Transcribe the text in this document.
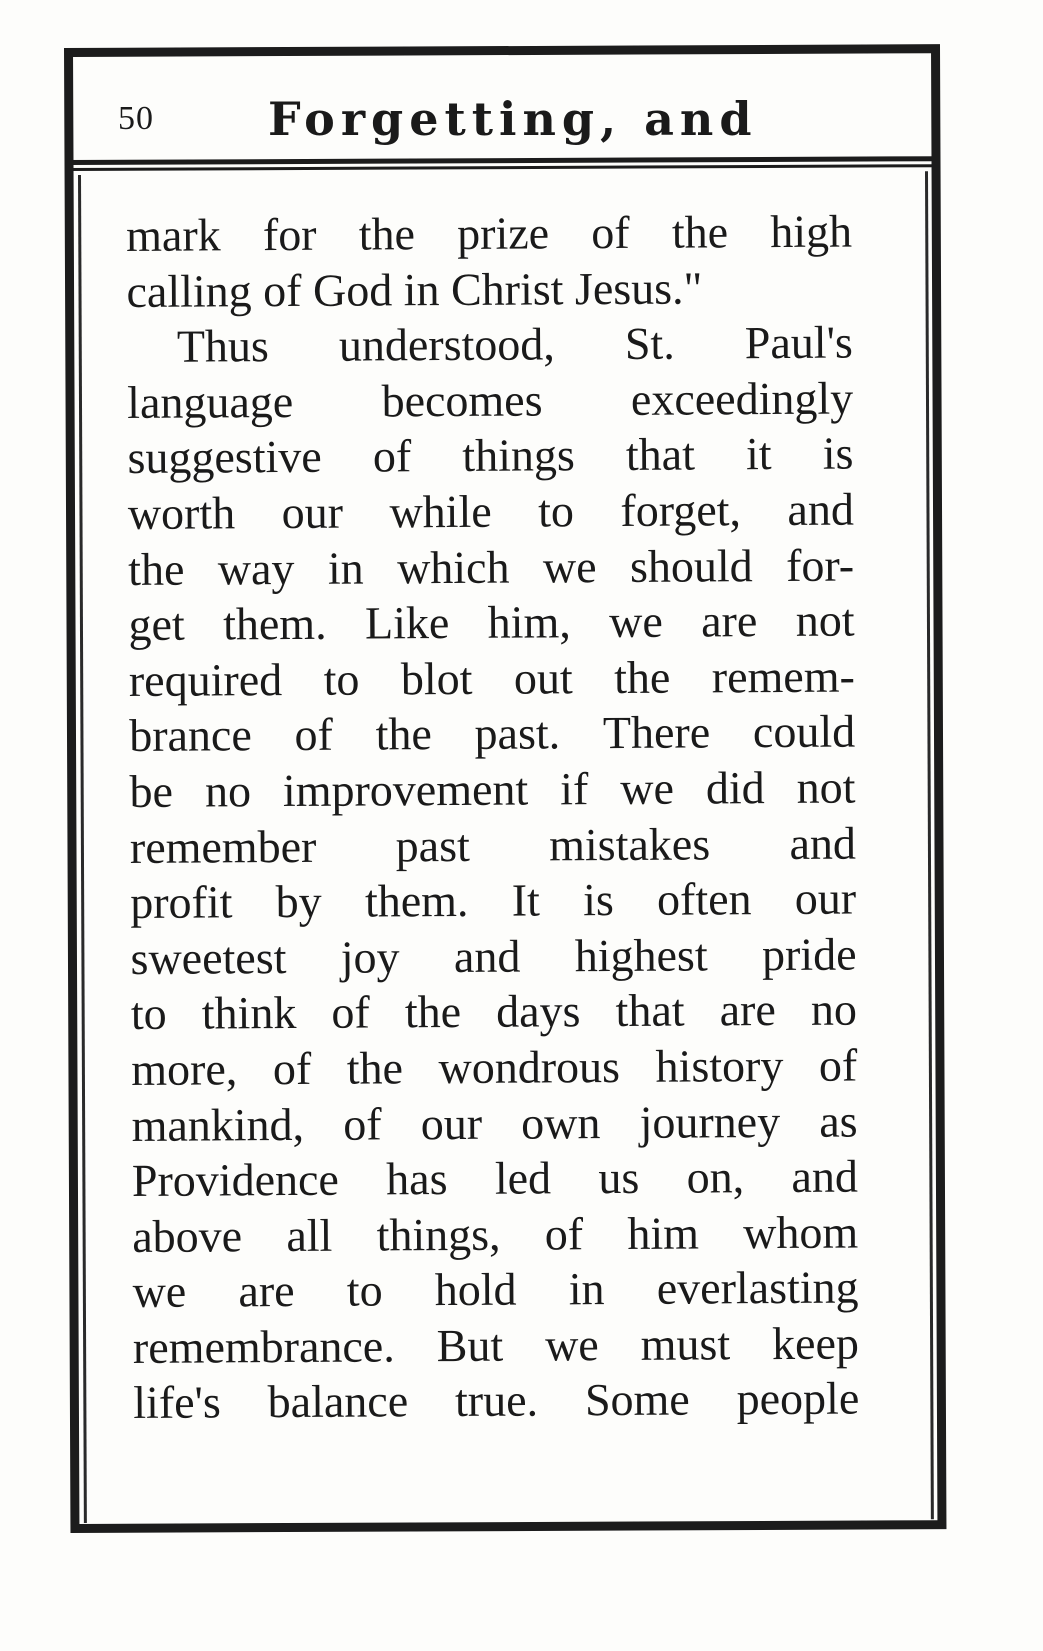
50 Forgetting, and
mark for the prize of the high
calling of God in Christ Jesus."
Thus understood, St. Paul's
language becomes exceedingly
suggestive of things that it is
worth our while to forget, and
the way in which we should for-
get them. Like him, we are not
required to blot out the remem-
brance of the past. There could
be no improvement if we did not
remember past mistakes and
profit by them. It is often our
sweetest joy and highest pride
to think of the days that are no
more, of the wondrous history of
mankind, of our own journey as
Providence has led us on, and
above all things, of him whom
we are to hold in everlasting
remembrance. But we must keep
life's balance true. Some people
